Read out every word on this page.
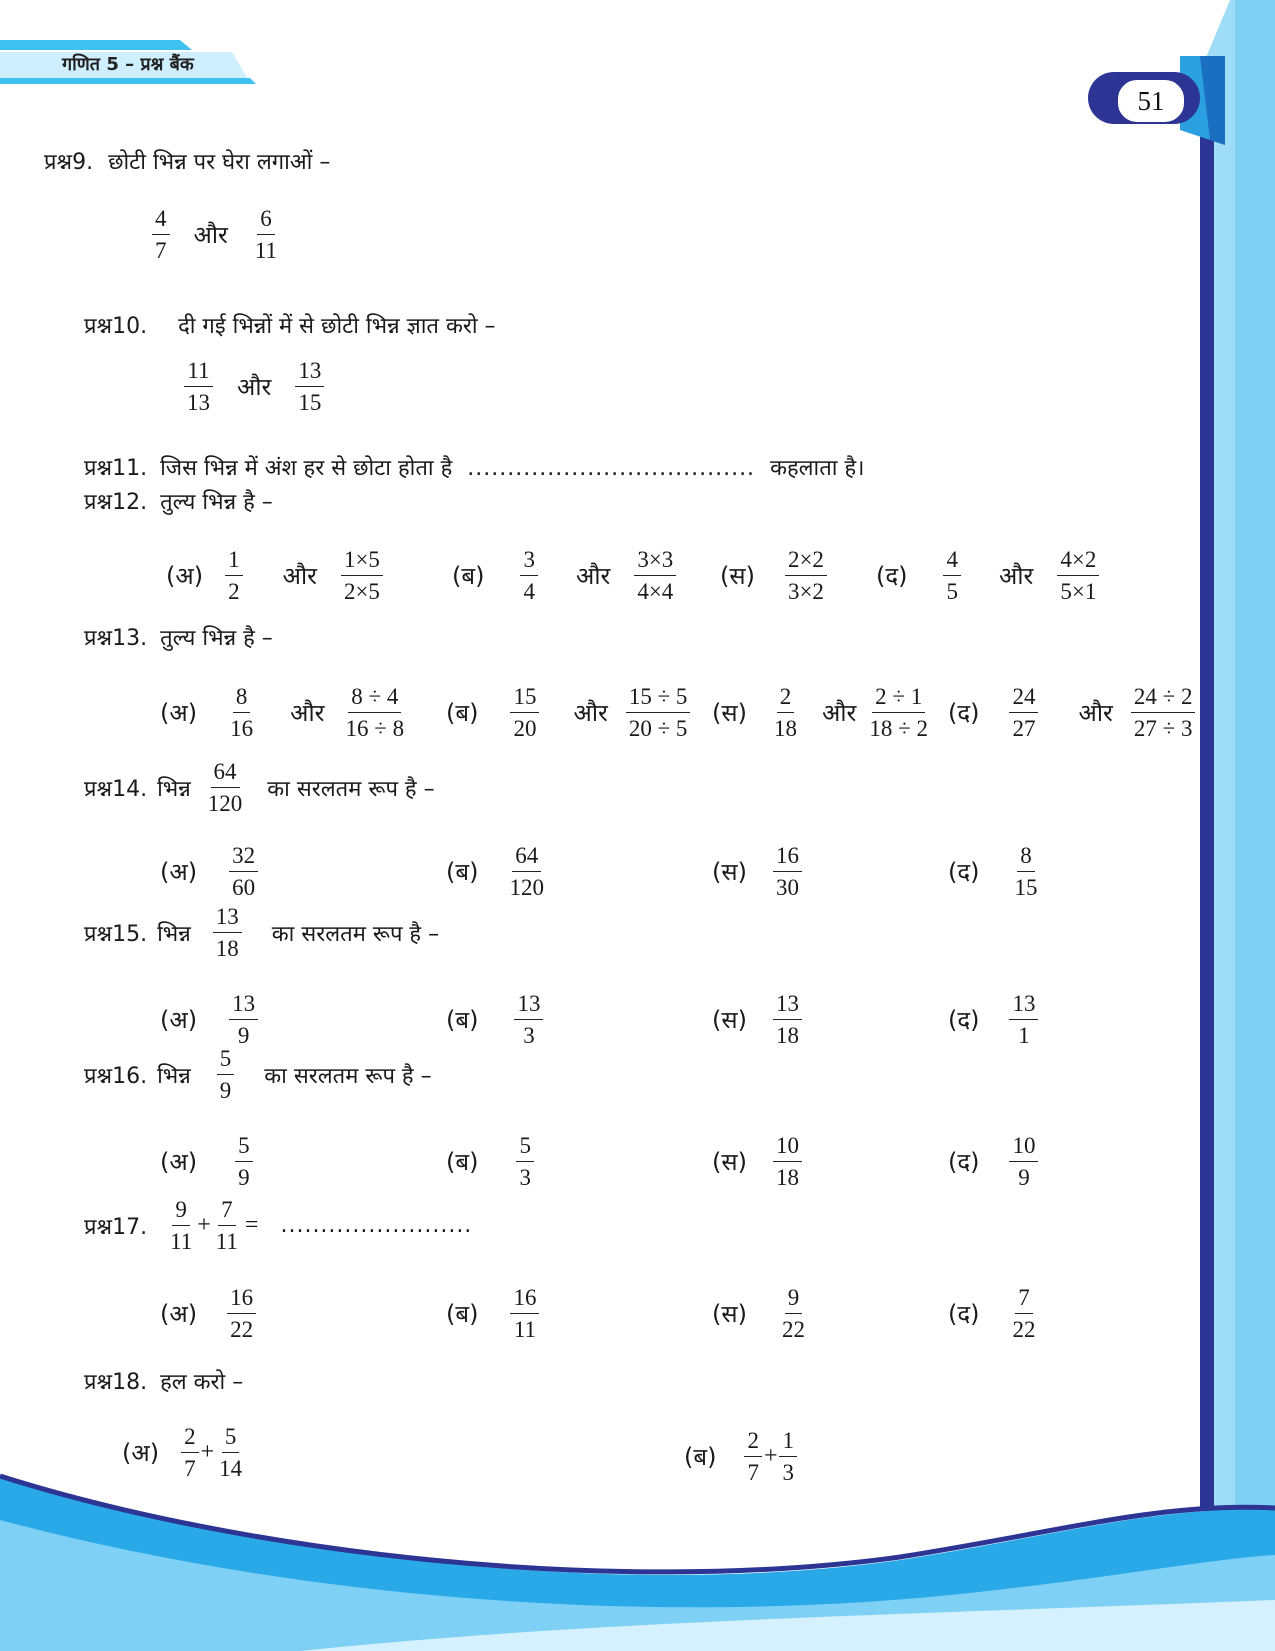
गणित 5 – प्रश्न बैंक
51
प्रश्न9. छोटी भिन्न पर घेरा लगाओं –
$\frac{4}{7}$ और $\frac{6}{11}$
प्रश्न10. दी गई भिन्नों में से छोटी भिन्न ज्ञात करो –
$\frac{11}{13}$ और $\frac{13}{15}$
प्रश्न11. जिस भिन्न में अंश हर से छोटा होता है .................................... कहलाता है।
प्रश्न12. तुल्य भिन्न है –
(अ) $\frac{1}{2}$ और $\frac{1\times 5}{2\times 5}$	(ब) $\frac{3}{4}$ और $\frac{3\times 3}{4\times 4}$ (स) $\frac{2\times 2}{3\times 2}$ (द) $\frac{4}{5}$ और $\frac{4\times 2}{5\times 1}$
प्रश्न13. तुल्य भिन्न है –
(अ) $\frac{8}{16}$ और $\frac{8 \div 4}{16 \div 8}$ (ब) $\frac{15}{20}$ और $\frac{15 \div 5}{20 \div 5}$ (स) $\frac{2}{18}$ और $\frac{2 \div 1}{18 \div 2}$ (द) $\frac{24}{27}$ और $\frac{24 \div 2}{27 \div 3}$
प्रश्न14. भिन्न $\frac{64}{120}$ का सरलतम रूप है –
(अ) $\frac{32}{60}$	(ब) $\frac{64}{120}$	(स) $\frac{16}{30}$	(द) $\frac{8}{15}$
प्रश्न15. भिन्न $\frac{13}{18}$ का सरलतम रूप है –
(अ) $\frac{13}{9}$	(ब) $\frac{13}{3}$	(स) $\frac{13}{18}$	(द) $\frac{13}{1}$
प्रश्न16. भिन्न $\frac{5}{9}$ का सरलतम रूप है –
(अ) $\frac{5}{9}$	(ब) $\frac{5}{3}$	(स) $\frac{10}{18}$	(द) $\frac{10}{9}$
प्रश्न17. $\frac{9}{11} + \frac{7}{11}$ = ........................
(अ) $\frac{16}{22}$	(ब) $\frac{16}{11}$	(स) $\frac{9}{22}$	(द) $\frac{7}{22}$
प्रश्न18. हल करो –
(अ) $\frac{2}{7} + \frac{5}{14}$	(ब) $\frac{2}{7} + \frac{1}{3}$
